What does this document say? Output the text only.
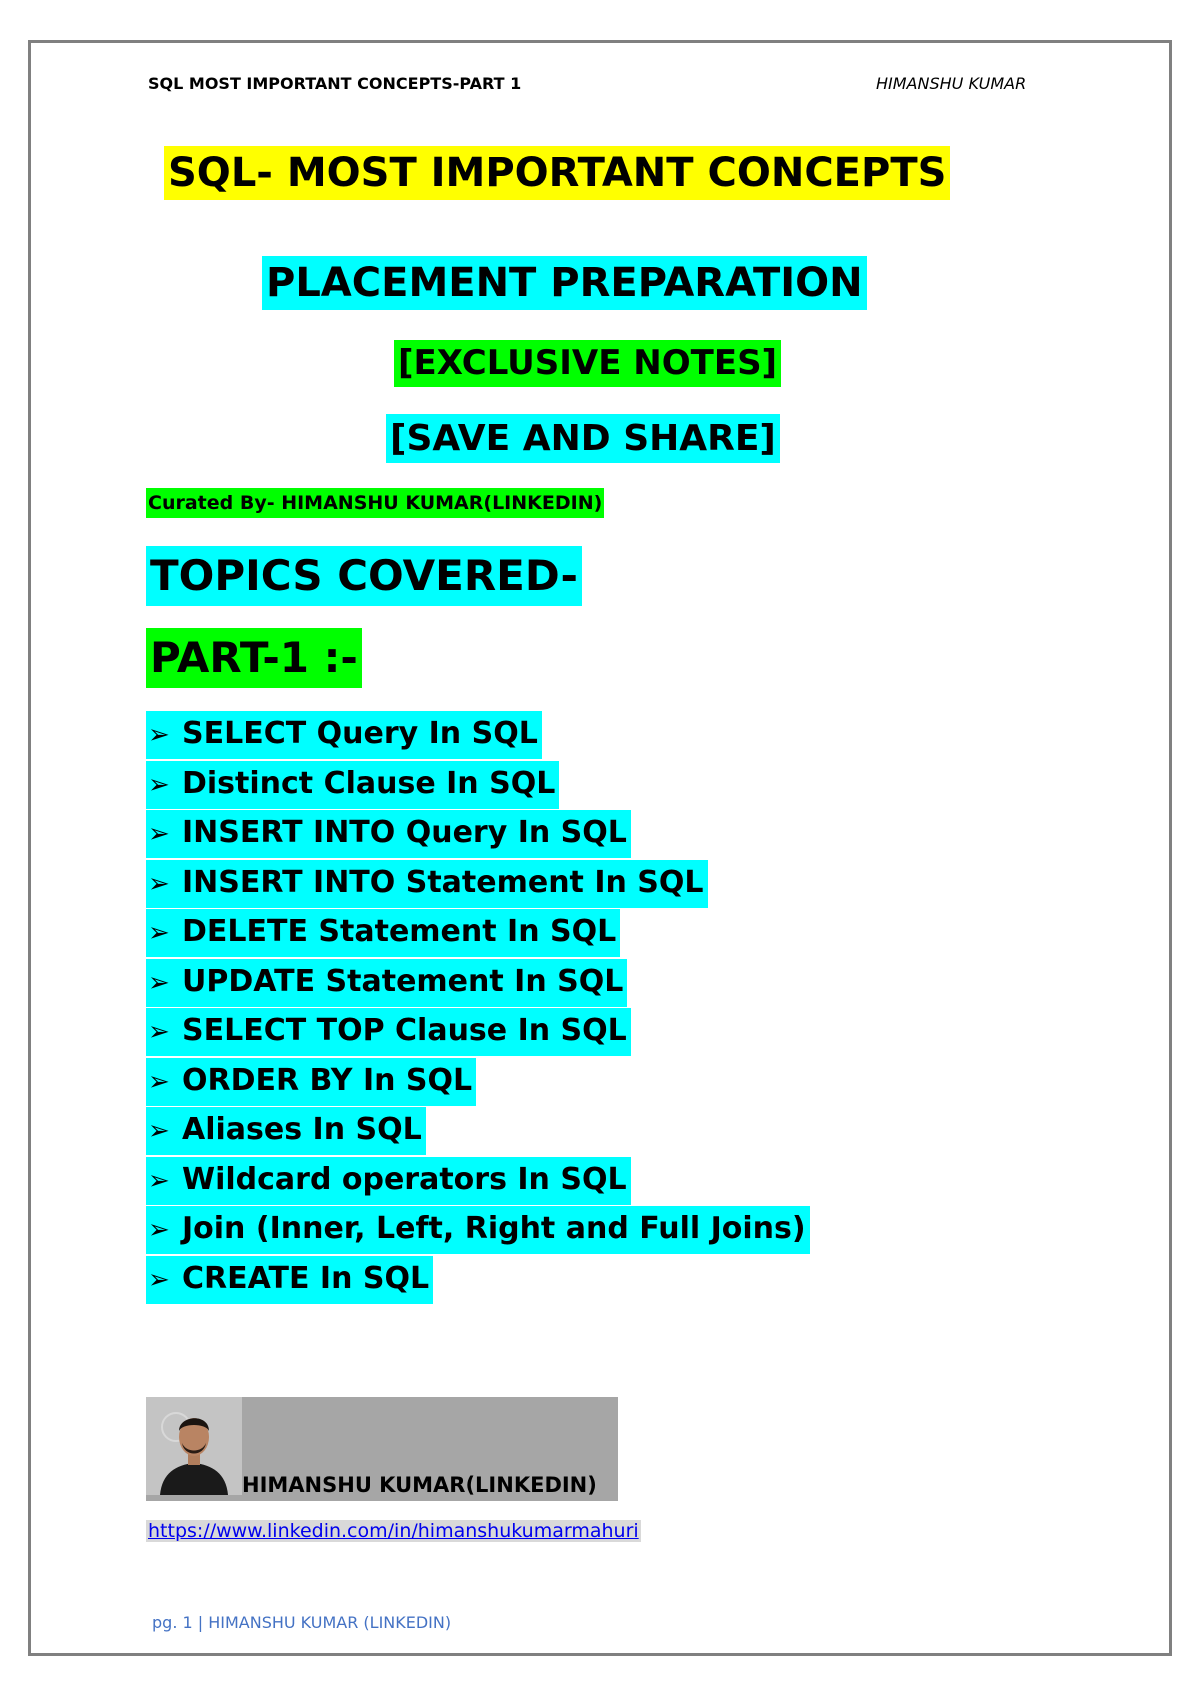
SQL MOST IMPORTANT CONCEPTS-PART 1	HIMANSHU KUMAR
SQL- MOST IMPORTANT CONCEPTS
PLACEMENT PREPARATION
[EXCLUSIVE NOTES]
[SAVE AND SHARE]
Curated By- HIMANSHU KUMAR(LINKEDIN)
TOPICS COVERED-
PART-1 :-
➢ SELECT Query In SQL
➢ Distinct Clause In SQL
➢ INSERT INTO Query In SQL
➢ INSERT INTO Statement In SQL
➢ DELETE Statement In SQL
➢ UPDATE Statement In SQL
➢ SELECT TOP Clause In SQL
➢ ORDER BY In SQL
➢ Aliases In SQL
➢ Wildcard operators In SQL
➢ Join (Inner, Left, Right and Full Joins)
➢ CREATE In SQL
HIMANSHU KUMAR(LINKEDIN)
https://www.linkedin.com/in/himanshukumarmahuri
pg. 1 | HIMANSHU KUMAR (LINKEDIN)
